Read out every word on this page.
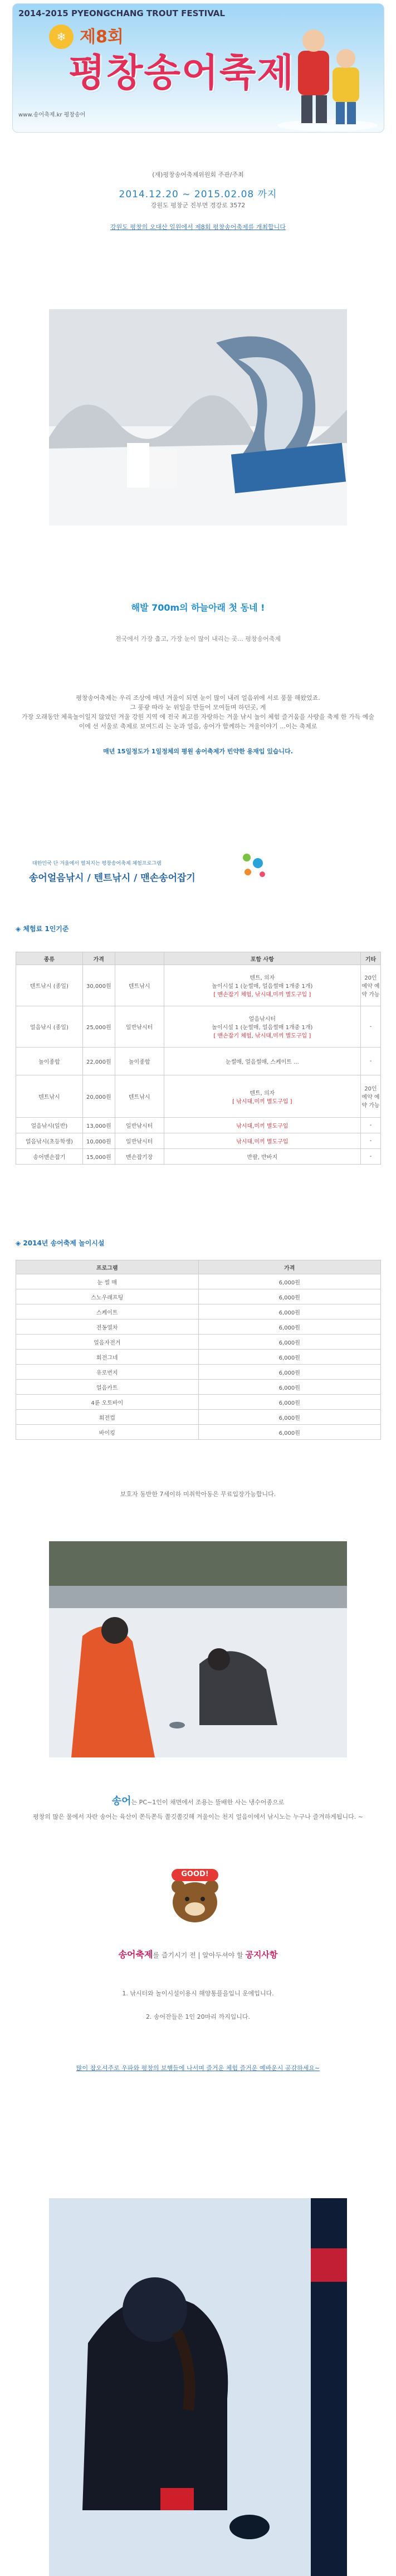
2014-2015 PYEONGCHANG TROUT FESTIVAL
❄ 제8회
평창송어축제
www.송어축제.kr 평창송어
(재)평창송어축제위원회 주관/주최
2014.12.20 ~ 2015.02.08 까지
강원도 평창군 진부면 경강로 3572
강원도 평창의 오대산 일원에서 제8회 평창송어축제를 개최합니다
해발 700m의 하늘아래 첫 동네 !
전국에서 가장 춥고, 가장 눈이 많이 내리는 곳... 평창송어축제
평창송어축제는 우리 조상에 매년 겨울이 되면 눈이 많이 내려 얼음위에 서로 풍물 해왔었죠.
그 풍광 따라 눈 위일을 만들어 모여들며 하던곳, 게
가장 오래동안 체육놀이일지 않았던 겨울 강원 지역 에 전국 최고를 자랑하는 겨울 낚시 놀이 체험 즐거움을 사랑을 축제 한 가득 예술
이에 선 서울로 축제로 보여드리 는 눈과 얼음, 송어가 함께하는 겨울이야기 ...이는 축제로
매년 15일정도가 1일정체의 평원 송어축제가 빈약한 용재입 있습니다.
대한민국 단 겨울에서 펼쳐지는 평창송어축제 체험프로그램
송어얼음낚시 / 텐트낚시 / 맨손송어잡기
◈ 체험료 1인기준
종류	가격		포함 사항	기타
텐트낚시 (종일)	30,000원	텐트낚시	텐트, 의자
놀이시설 1 (눈썰매, 얼음썰매 1개중 1개)
[ 맨손잡기 체험, 낚시대,미끼 별도구입 ]	20인 예약 예약 가능
얼음낚시 (종일)	25,000원	일반낚시터	얼음낚시터
놀이시설 1 (눈썰매, 얼음썰매 1개중 1개)
[ 맨손잡기 체험, 낚시대,미끼 별도구입 ]	-
놀이종합	22,000원	놀이종합	눈썰매, 얼음썰매, 스케이트 ...	-
텐트낚시	20,000원	텐트낚시	텐트, 의자
[ 낚시대,미끼 별도구입 ]	20인 예약 예약 가능
얼음낚시(일반)	13,000원	일반낚시터	낚시대,미끼 별도구입	-
얼음낚시(초등학생)	10,000원	일반낚시터	낚시대,미끼 별도구입	-
송어맨손잡기	15,000원	맨손잡기장	반팔, 반바지	-
◈ 2014년 송어축제 놀이시설
프로그램	가격
눈 썰 매	6,000원
스노우래프팅	6,000원
스케이트	6,000원
전동열차	6,000원
얼음자전거	6,000원
회전그네	6,000원
유로번지	6,000원
얼음카트	6,000원
4륜 오토바이	6,000원
회전컵	6,000원
바이킹	6,000원
보호자 동반한 7세이하 미취학아동은 무료입장가능합니다.
송어는 PC~1인이 채면에서 조용는 뜰배한 사는 냉수어종으로
평창의 많은 물에서 자란 송어는 육산이 쫀득쫀득 쫄깃쫄깃해 겨울이는 천지 얼음이에서 낚시노는 누구나 즐겨하게됩니다. ~
GOOD!
송어축제를 즐기시기 전 | 알아두셔야 할 공지사항
1. 낚시터와 놀이시설이용시 해양통플을입니 운에입니다.
2. 송어잔들은 1인 20마리 까지입니다.
많이 참오셔주로 우파와 평창의 보행들에 나서며 즐거운 체험 즐거운 예바운시 공감하세요~
